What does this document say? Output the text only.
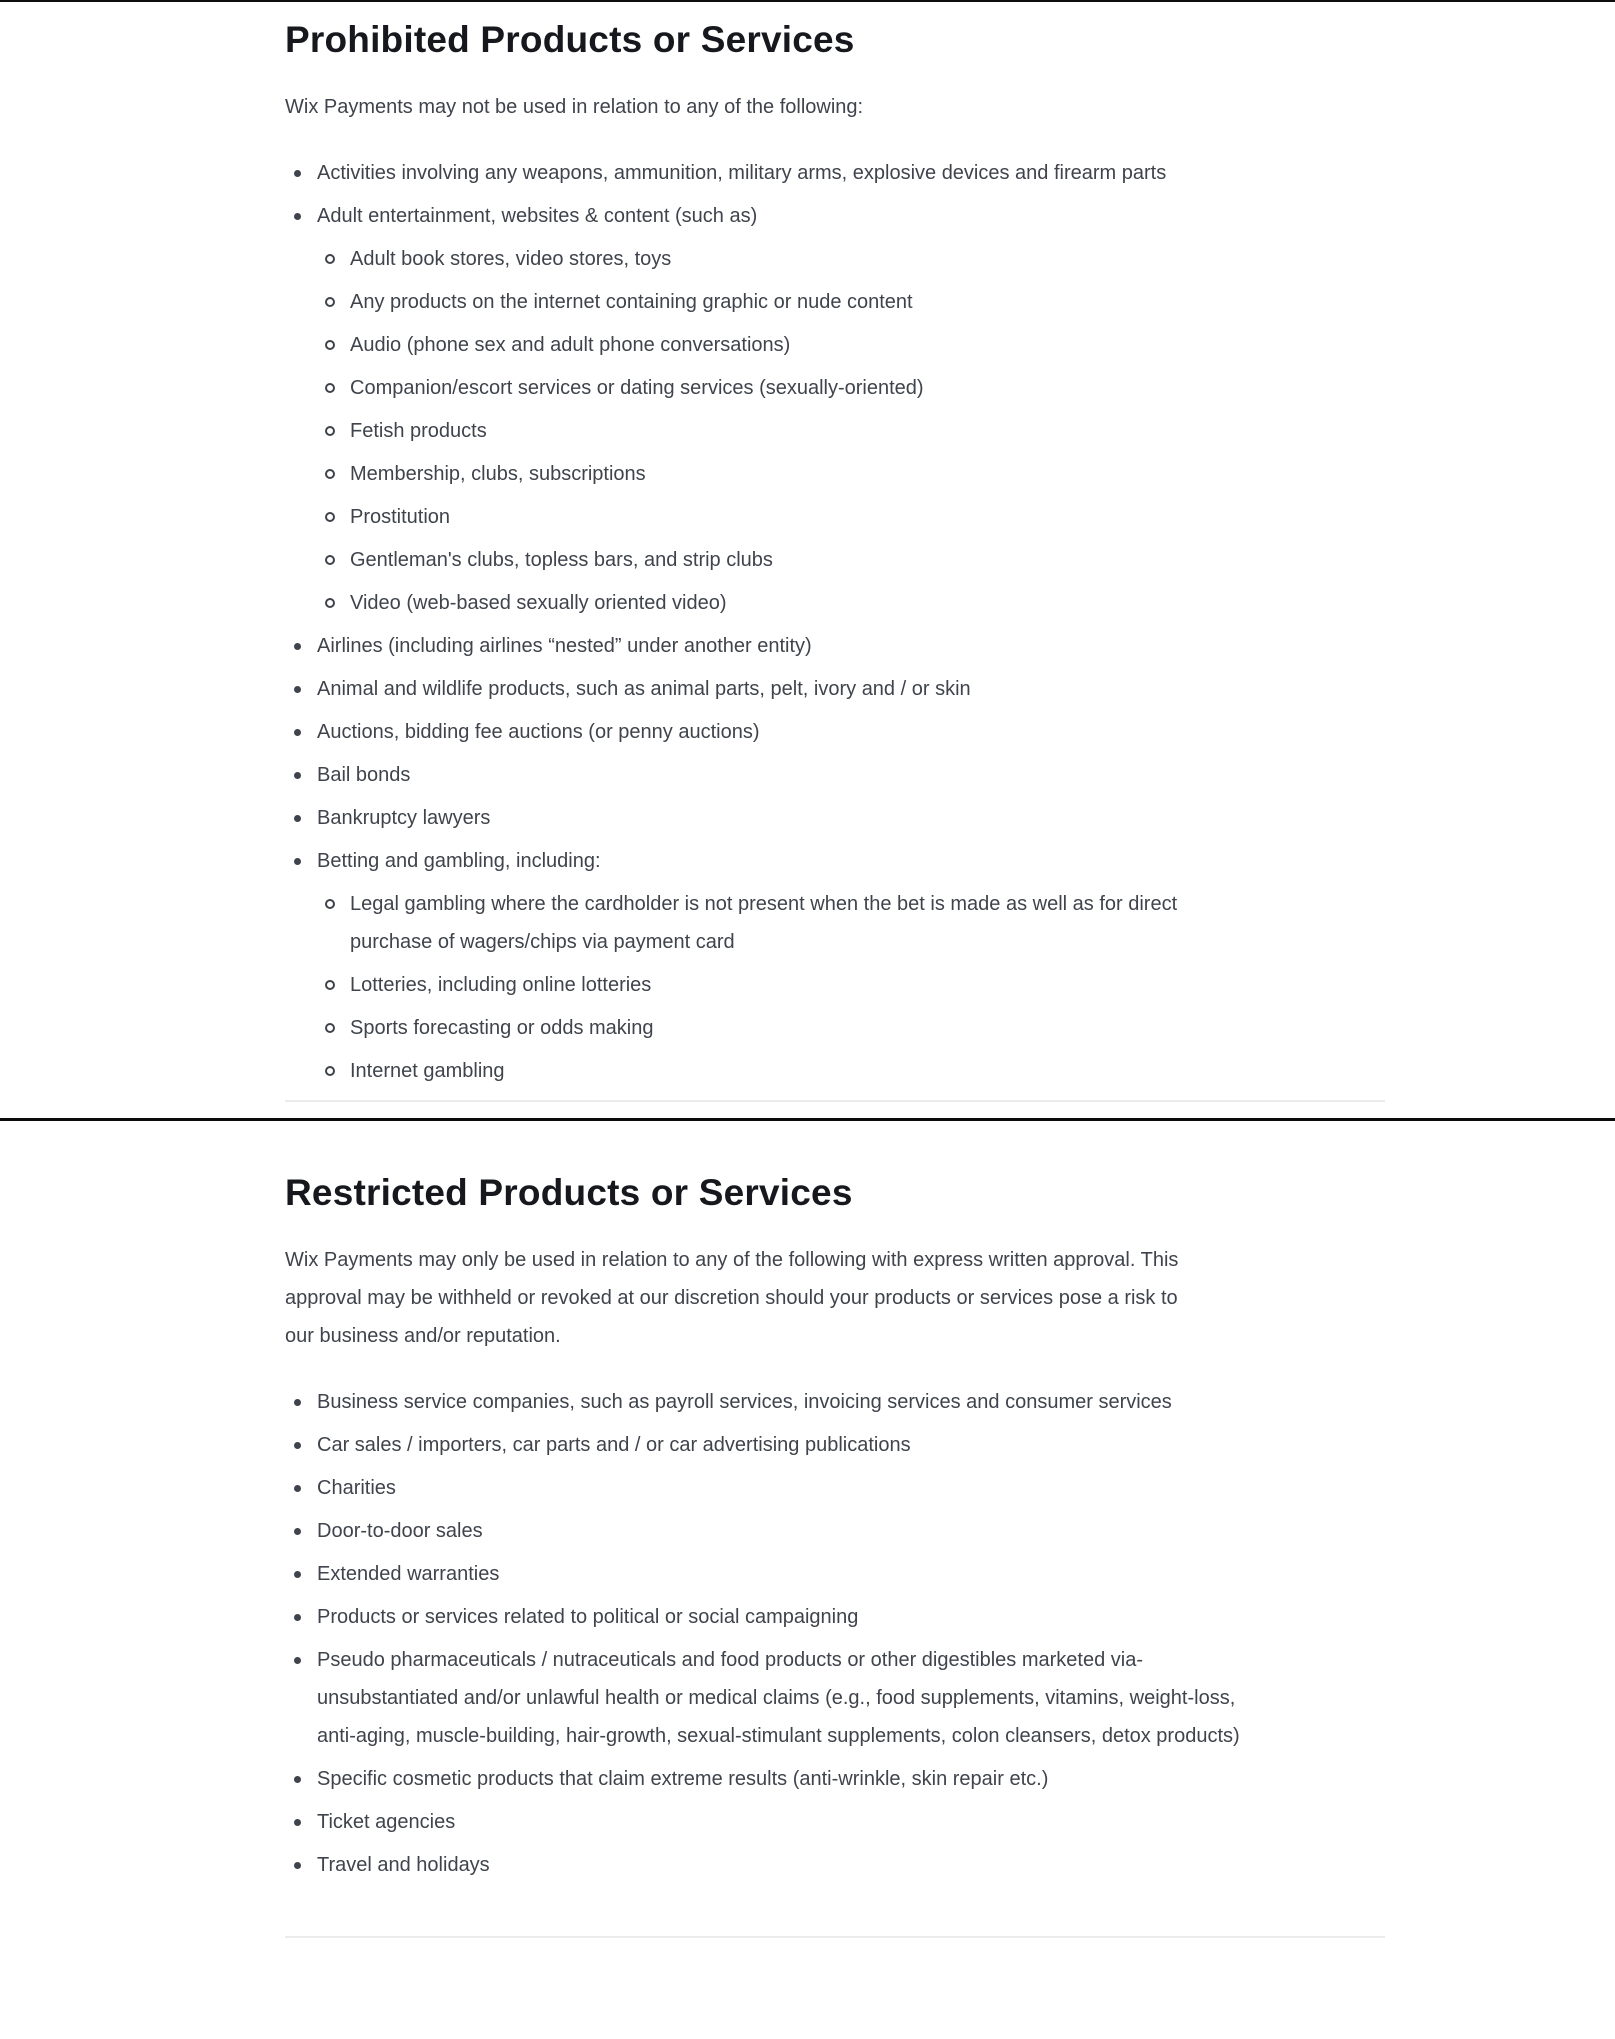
Prohibited Products or Services

Wix Payments may not be used in relation to any of the following:

Activities involving any weapons, ammunition, military arms, explosive devices and firearm parts
Adult entertainment, websites & content (such as)
Adult book stores, video stores, toys
Any products on the internet containing graphic or nude content
Audio (phone sex and adult phone conversations)
Companion/escort services or dating services (sexually-oriented)
Fetish products
Membership, clubs, subscriptions
Prostitution
Gentleman's clubs, topless bars, and strip clubs
Video (web-based sexually oriented video)
Airlines (including airlines “nested” under another entity)
Animal and wildlife products, such as animal parts, pelt, ivory and / or skin
Auctions, bidding fee auctions (or penny auctions)
Bail bonds
Bankruptcy lawyers
Betting and gambling, including:
Legal gambling where the cardholder is not present when the bet is made as well as for direct purchase of wagers/chips via payment card
Lotteries, including online lotteries
Sports forecasting or odds making
Internet gambling
Restricted Products or Services

Wix Payments may only be used in relation to any of the following with express written approval. This approval may be withheld or revoked at our discretion should your products or services pose a risk to our business and/or reputation.

Business service companies, such as payroll services, invoicing services and consumer services
Car sales / importers, car parts and / or car advertising publications
Charities
Door-to-door sales
Extended warranties
Products or services related to political or social campaigning
Pseudo pharmaceuticals / nutraceuticals and food products or other digestibles marketed via-unsubstantiated and/or unlawful health or medical claims (e.g., food supplements, vitamins, weight-loss, anti-aging, muscle-building, hair-growth, sexual-stimulant supplements, colon cleansers, detox products)
Specific cosmetic products that claim extreme results (anti-wrinkle, skin repair etc.)
Ticket agencies
Travel and holidays
